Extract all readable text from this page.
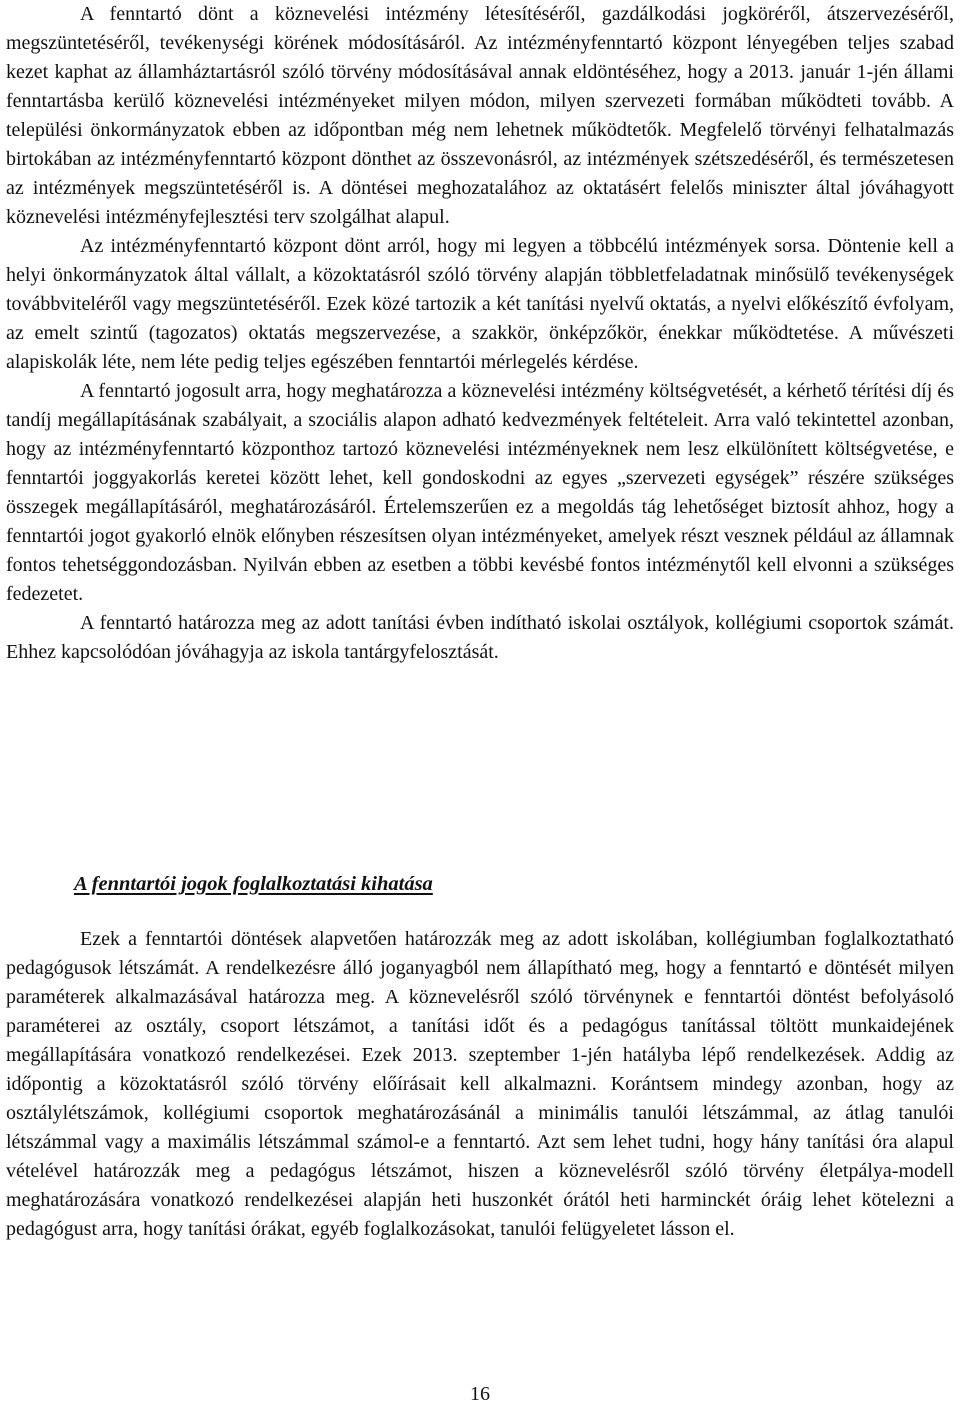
A fenntartó dönt a köznevelési intézmény létesítéséről, gazdálkodási jogköréről, átszervezéséről, megszüntetéséről, tevékenységi körének módosításáról. Az intézményfenntartó központ lényegében teljes szabad kezet kaphat az államháztartásról szóló törvény módosításával annak eldöntéséhez, hogy a 2013. január 1-jén állami fenntartásba kerülő köznevelési intézményeket milyen módon, milyen szervezeti formában működteti tovább. A települési önkormányzatok ebben az időpontban még nem lehetnek működtetők. Megfelelő törvényi felhatalmazás birtokában az intézményfenntartó központ dönthet az összevonásról, az intézmények szétszedéséről, és természetesen az intézmények megszüntetéséről is. A döntései meghozatalához az oktatásért felelős miniszter által jóváhagyott köznevelési intézményfejlesztési terv szolgálhat alapul.

Az intézményfenntartó központ dönt arról, hogy mi legyen a többcélú intézmények sorsa. Döntenie kell a helyi önkormányzatok által vállalt, a közoktatásról szóló törvény alapján többletfeladatnak minősülő tevékenységek továbbviteléről vagy megszüntetéséről. Ezek közé tartozik a két tanítási nyelvű oktatás, a nyelvi előkészítő évfolyam, az emelt szintű (tagozatos) oktatás megszervezése, a szakkör, önképzőkör, énekkar működtetése. A művészeti alapiskolák léte, nem léte pedig teljes egészében fenntartói mérlegelés kérdése.

A fenntartó jogosult arra, hogy meghatározza a köznevelési intézmény költségvetését, a kérhető térítési díj és tandíj megállapításának szabályait, a szociális alapon adható kedvezmények feltételeit. Arra való tekintettel azonban, hogy az intézményfenntartó központhoz tartozó köznevelési intézményeknek nem lesz elkülönített költségvetése, e fenntartói joggyakorlás keretei között lehet, kell gondoskodni az egyes „szervezeti egységek” részére szükséges összegek megállapításáról, meghatározásáról. Értelemszerűen ez a megoldás tág lehetőséget biztosít ahhoz, hogy a fenntartói jogot gyakorló elnök előnyben részesítsen olyan intézményeket, amelyek részt vesznek például az államnak fontos tehetséggondozásban. Nyilván ebben az esetben a többi kevésbé fontos intézménytől kell elvonni a szükséges fedezetet.

A fenntartó határozza meg az adott tanítási évben indítható iskolai osztályok, kollégiumi csoportok számát. Ehhez kapcsolódóan jóváhagyja az iskola tantárgyfelosztását.

A fenntartói jogok foglalkoztatási kihatása

Ezek a fenntartói döntések alapvetően határozzák meg az adott iskolában, kollégiumban foglalkoztatható pedagógusok létszámát. A rendelkezésre álló joganyagból nem állapítható meg, hogy a fenntartó e döntését milyen paraméterek alkalmazásával határozza meg. A köznevelésről szóló törvénynek e fenntartói döntést befolyásoló paraméterei az osztály, csoport létszámot, a tanítási időt és a pedagógus tanítással töltött munkaidejének megállapítására vonatkozó rendelkezései. Ezek 2013. szeptember 1-jén hatályba lépő rendelkezések. Addig az időpontig a közoktatásról szóló törvény előírásait kell alkalmazni. Korántsem mindegy azonban, hogy az osztálylétszámok, kollégiumi csoportok meghatározásánál a minimális tanulói létszámmal, az átlag tanulói létszámmal vagy a maximális létszámmal számol-e a fenntartó. Azt sem lehet tudni, hogy hány tanítási óra alapul vételével határozzák meg a pedagógus létszámot, hiszen a köznevelésről szóló törvény életpálya-modell meghatározására vonatkozó rendelkezései alapján heti huszonkét órától heti harminckét óráig lehet kötelezni a pedagógust arra, hogy tanítási órákat, egyéb foglalkozásokat, tanulói felügyeletet lásson el.

16
